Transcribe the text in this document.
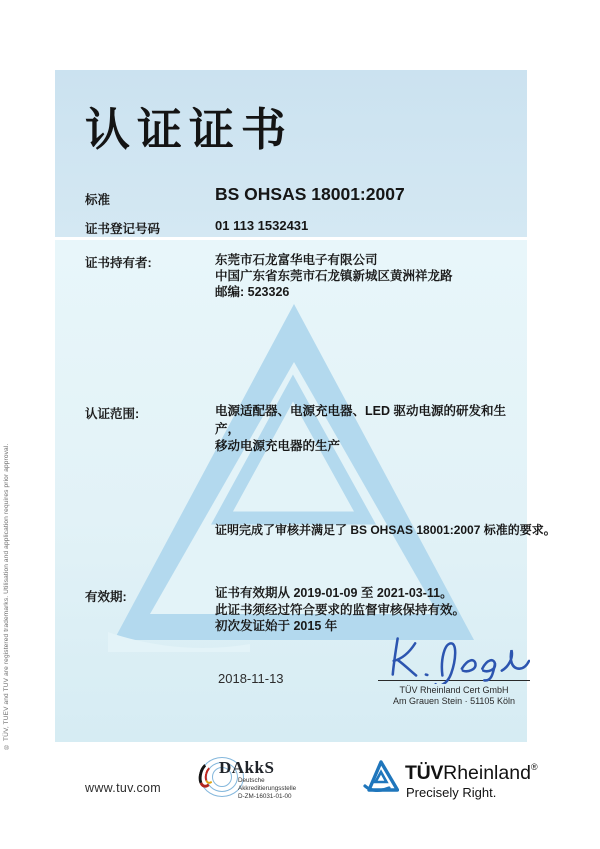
® TÜV, TUEV and TUV are registered trademarks. Utilisation and application requires prior approval.
认证证书
标准	BS OHSAS 18001:2007
证书登记号码	01 113 1532431
证书持有者:	东莞市石龙富华电子有限公司
中国广东省东莞市石龙镇新城区黄洲祥龙路
邮编: 523326
认证范围:	电源适配器、电源充电器、LED 驱动电源的研发和生产，
移动电源充电器的生产
证明完成了审核并满足了 BS OHSAS 18001:2007 标准的要求。
有效期:	证书有效期从 2019-01-09 至 2021-03-11。
此证书须经过符合要求的监督审核保持有效。
初次发证始于 2015 年
2018-11-13
TÜV Rheinland Cert GmbH
Am Grauen Stein · 51105 Köln
www.tuv.com
DAkkS
Deutsche
Akkreditierungsstelle
D-ZM-16031-01-00
TÜVRheinland®
Precisely Right.
